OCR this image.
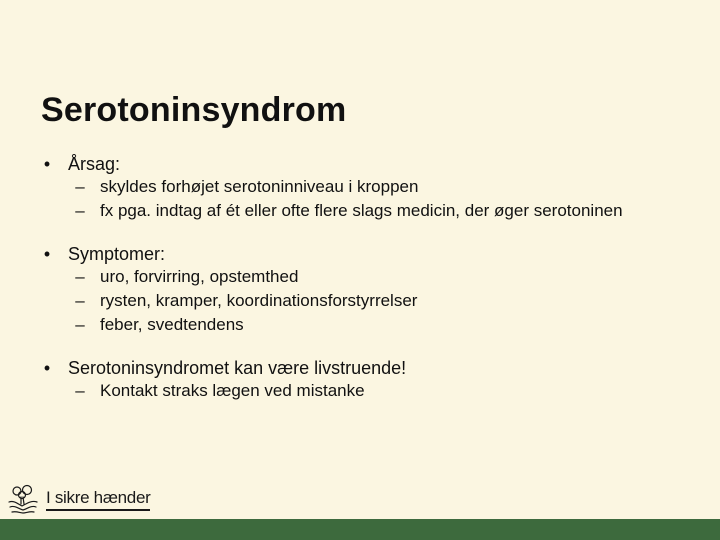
Serotoninsyndrom
• Årsag:
– skyldes forhøjet serotoninniveau i kroppen
– fx pga. indtag af ét eller ofte flere slags medicin, der øger serotoninen
• Symptomer:
– uro, forvirring, opstemthed
– rysten, kramper, koordinationsforstyrrelser
– feber, svedtendens
• Serotoninsyndromet kan være livstruende!
– Kontakt straks lægen ved mistanke
I sikre hænder
